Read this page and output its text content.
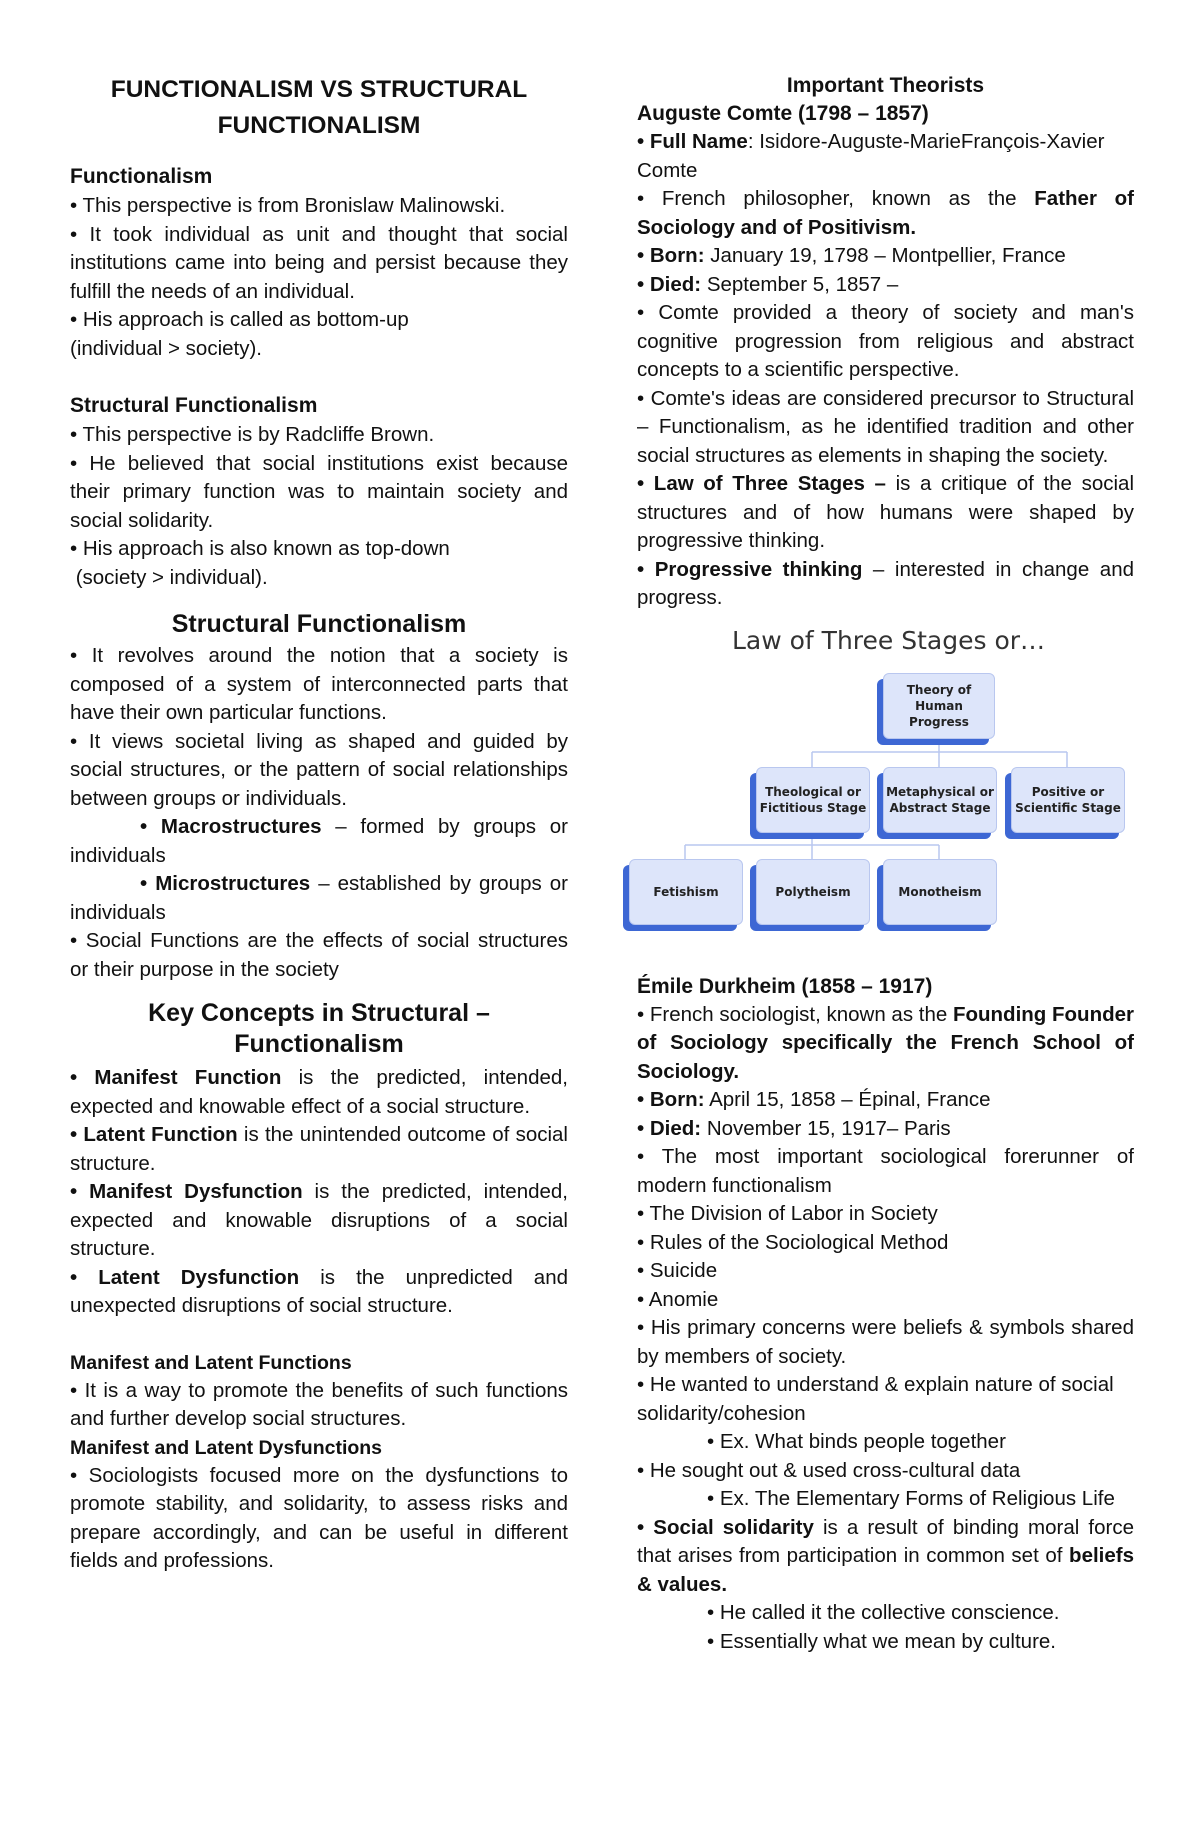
FUNCTIONALISM VS STRUCTURAL FUNCTIONALISM
Functionalism

• This perspective is from Bronislaw Malinowski.

• It took individual as unit and thought that social institutions came into being and persist because they fulfill the needs of an individual.

• His approach is called as bottom-up

(individual > society).

Structural Functionalism

• This perspective is by Radcliffe Brown.

• He believed that social institutions exist because their primary function was to maintain society and social solidarity.

• His approach is also known as top-down

(society > individual).

Structural Functionalism

• It revolves around the notion that a society is composed of a system of interconnected parts that have their own particular functions.

• It views societal living as shaped and guided by social structures, or the pattern of social relationships between groups or individuals.

• Macrostructures – formed by groups or individuals

• Microstructures – established by groups or individuals

• Social Functions are the effects of social structures or their purpose in the society

Key Concepts in Structural – Functionalism

• Manifest Function is the predicted, intended, expected and knowable effect of a social structure.

• Latent Function is the unintended outcome of social structure.

• Manifest Dysfunction is the predicted, intended, expected and knowable disruptions of a social structure.

• Latent Dysfunction is the unpredicted and unexpected disruptions of social structure.

Manifest and Latent Functions

• It is a way to promote the benefits of such functions and further develop social structures.

Manifest and Latent Dysfunctions

• Sociologists focused more on the dysfunctions to promote stability, and solidarity, to assess risks and prepare accordingly, and can be useful in different fields and professions.

Important Theorists
Auguste Comte (1798 – 1857)

• Full Name: Isidore-Auguste-MarieFrançois-Xavier Comte

• French philosopher, known as the Father of Sociology and of Positivism.

• Born: January 19, 1798 – Montpellier, France

• Died: September 5, 1857 –

• Comte provided a theory of society and man's cognitive progression from religious and abstract concepts to a scientific perspective.

• Comte's ideas are considered precursor to Structural – Functionalism, as he identified tradition and other social structures as elements in shaping the society.

• Law of Three Stages – is a critique of the social structures and of how humans were shaped by progressive thinking.

• Progressive thinking – interested in change and progress.

Law of Three Stages or…
Theory of Human Progress
Theological or Fictitious Stage
Metaphysical or Abstract Stage
Positive or Scientific Stage
Fetishism	Polytheism	Monotheism
Émile Durkheim (1858 – 1917)

• French sociologist, known as the Founding Founder of Sociology specifically the French School of Sociology.

• Born: April 15, 1858 – Épinal, France

• Died: November 15, 1917– Paris

• The most important sociological forerunner of modern functionalism

• The Division of Labor in Society

• Rules of the Sociological Method

• Suicide

• Anomie

• His primary concerns were beliefs & symbols shared by members of society.

• He wanted to understand & explain nature of social solidarity/cohesion

• Ex. What binds people together

• He sought out & used cross-cultural data

• Ex. The Elementary Forms of Religious Life

• Social solidarity is a result of binding moral force that arises from participation in common set of beliefs & values.

• He called it the collective conscience.

• Essentially what we mean by culture.
